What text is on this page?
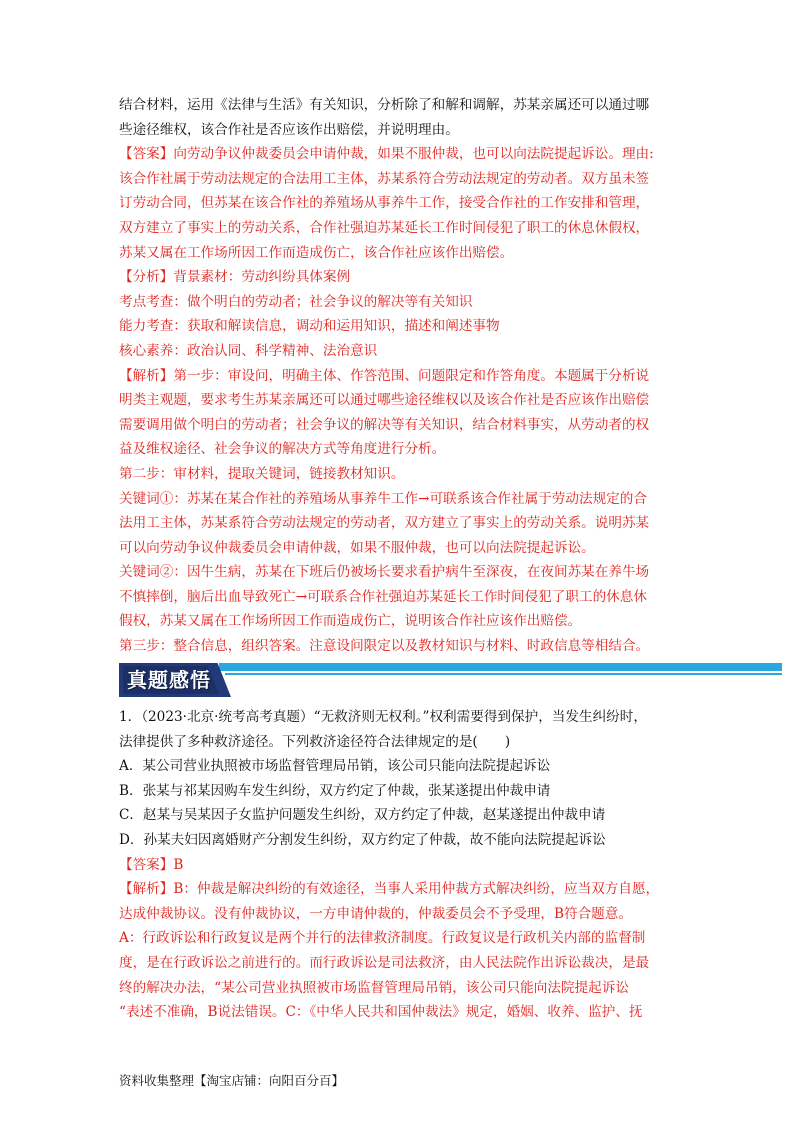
结合材料，运用《法律与生活》有关知识，分析除了和解和调解，苏某亲属还可以通过哪
些途径维权，该合作社是否应该作出赔偿，并说明理由。
【答案】向劳动争议仲裁委员会申请仲裁，如果不服仲裁，也可以向法院提起诉讼。理由:
该合作社属于劳动法规定的合法用工主体，苏某系符合劳动法规定的劳动者。双方虽未签
订劳动合同，但苏某在该合作社的养殖场从事养牛工作，接受合作社的工作安排和管理，
双方建立了事实上的劳动关系，合作社强迫苏某延长工作时间侵犯了职工的休息休假权，
苏某又属在工作场所因工作而造成伤亡，该合作社应该作出赔偿。
【分析】背景素材：劳动纠纷具体案例
考点考查：做个明白的劳动者；社会争议的解决等有关知识
能力考查：获取和解读信息，调动和运用知识，描述和阐述事物
核心素养：政治认同、科学精神、法治意识
【解析】第一步：审设问，明确主体、作答范围、问题限定和作答角度。本题属于分析说
明类主观题，要求考生苏某亲属还可以通过哪些途径维权以及该合作社是否应该作出赔偿
需要调用做个明白的劳动者；社会争议的解决等有关知识，结合材料事实，从劳动者的权
益及维权途径、社会争议的解决方式等角度进行分析。
第二步：审材料，提取关键词，链接教材知识。
关键词①：苏某在某合作社的养殖场从事养牛工作→可联系该合作社属于劳动法规定的合
法用工主体，苏某系符合劳动法规定的劳动者，双方建立了事实上的劳动关系。说明苏某
可以向劳动争议仲裁委员会申请仲裁，如果不服仲裁，也可以向法院提起诉讼。
关键词②：因牛生病，苏某在下班后仍被场长要求看护病牛至深夜，在夜间苏某在养牛场
不慎摔倒，脑后出血导致死亡→可联系合作社强迫苏某延长工作时间侵犯了职工的休息休
假权，苏某又属在工作场所因工作而造成伤亡，说明该合作社应该作出赔偿。
第三步：整合信息，组织答案。注意设问限定以及教材知识与材料、时政信息等相结合。
真题感悟
1．（2023·北京·统考高考真题）“无救济则无权利。”权利需要得到保护，当发生纠纷时，
法律提供了多种救济途径。下列救济途径符合法律规定的是(　　)
A．某公司营业执照被市场监督管理局吊销，该公司只能向法院提起诉讼
B．张某与祁某因购车发生纠纷，双方约定了仲裁，张某遂提出仲裁申请
C．赵某与吴某因子女监护问题发生纠纷，双方约定了仲裁，赵某遂提出仲裁申请
D．孙某夫妇因离婚财产分割发生纠纷，双方约定了仲裁，故不能向法院提起诉讼
【答案】B
【解析】B：仲裁是解决纠纷的有效途径，当事人采用仲裁方式解决纠纷，应当双方自愿，
达成仲裁协议。没有仲裁协议，一方申请仲裁的，仲裁委员会不予受理，B符合题意。
A：行政诉讼和行政复议是两个并行的法律救济制度。行政复议是行政机关内部的监督制
度，是在行政诉讼之前进行的。而行政诉讼是司法救济，由人民法院作出诉讼裁决，是最
终的解决办法，“某公司营业执照被市场监督管理局吊销，该公司只能向法院提起诉讼
“表述不准确，B说法错误。C：《中华人民共和国仲裁法》规定，婚姻、收养、监护、抚
资料收集整理【淘宝店铺：向阳百分百】
